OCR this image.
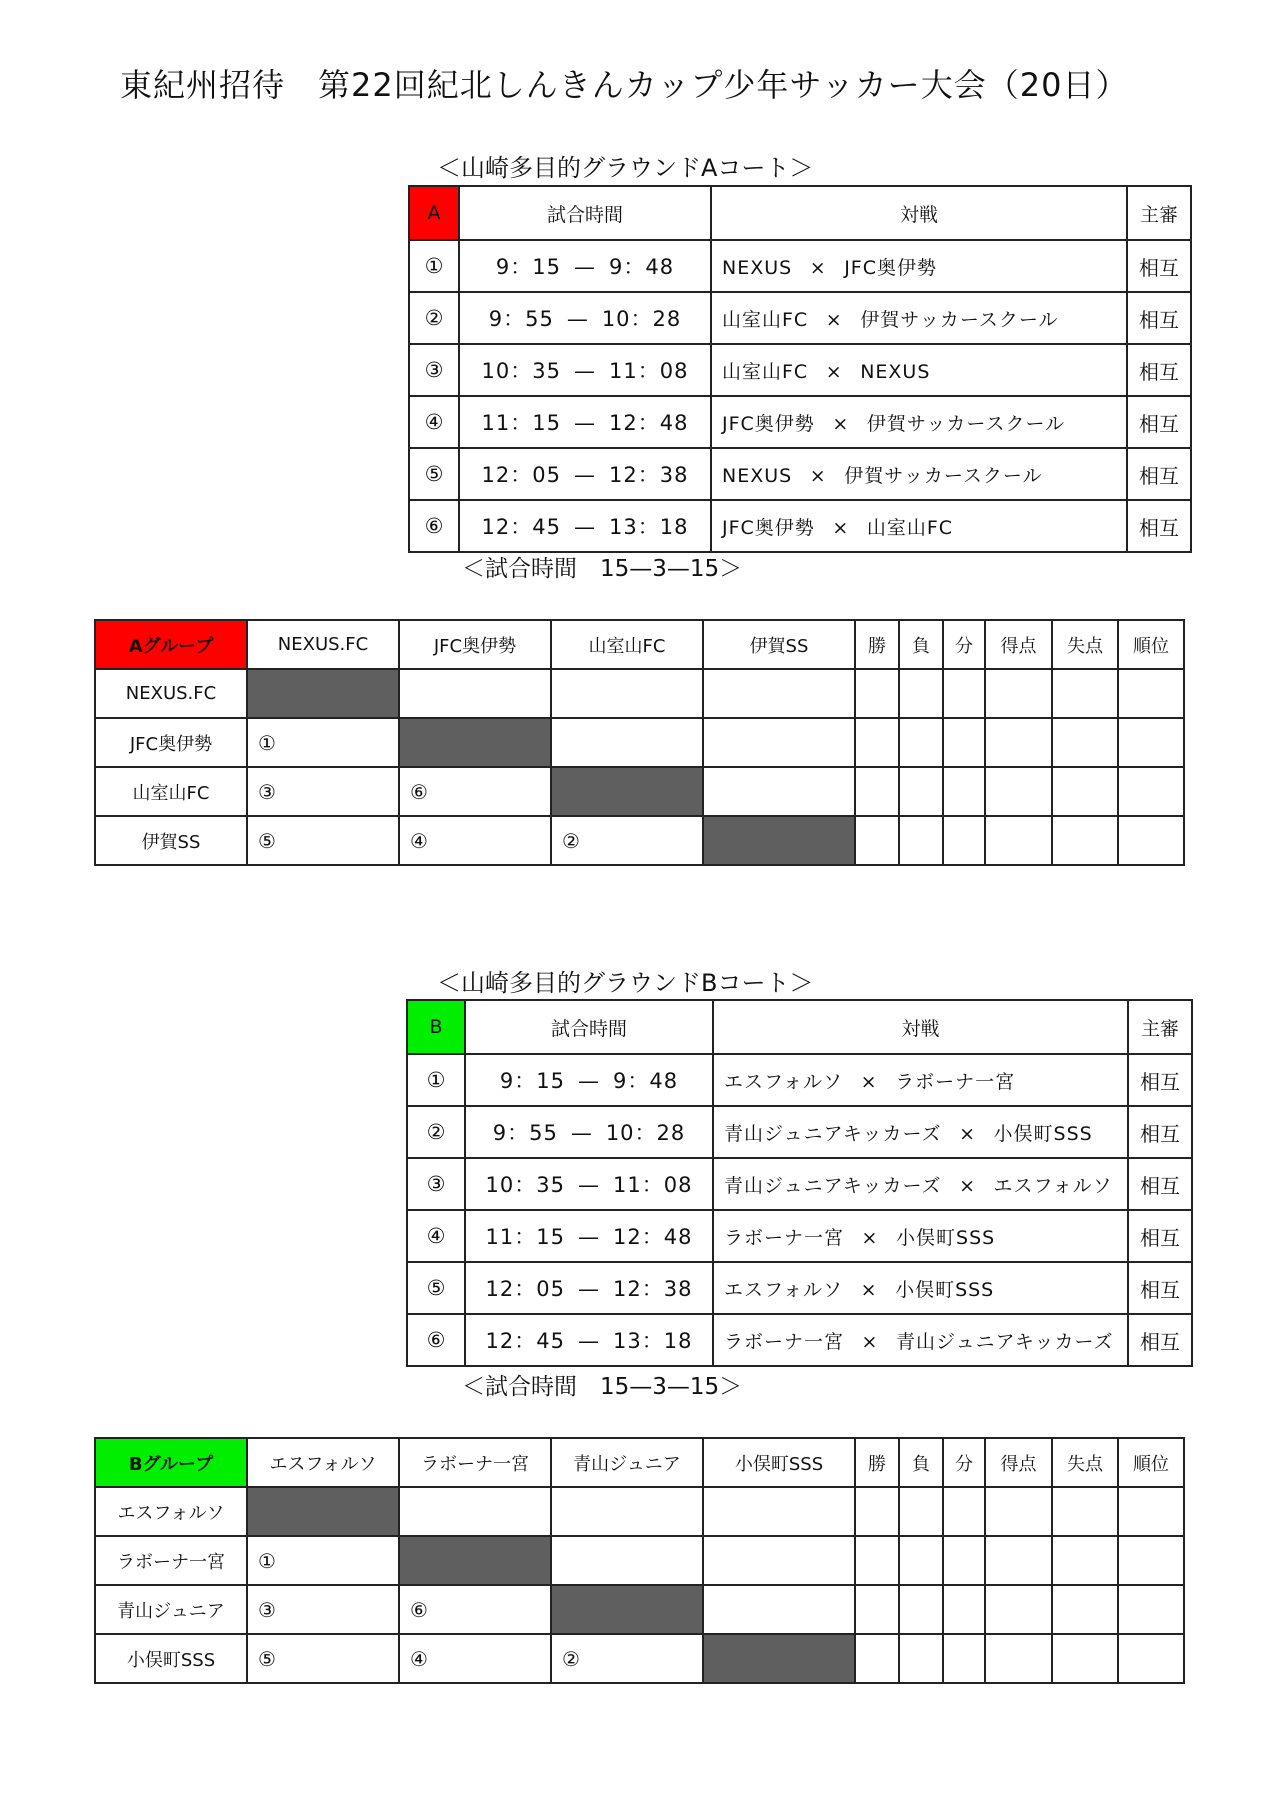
東紀州招待　第22回紀北しんきんカップ少年サッカー大会（20日）
＜山崎多目的グラウンドAコート＞
A	試合時間	対戦	主審
①	9：15 — 9：48	NEXUS × JFC奥伊勢	相互
②	9：55 — 10：28	山室山FC × 伊賀サッカースクール	相互
③	10：35 — 11：08	山室山FC × NEXUS	相互
④	11：15 — 12：48	JFC奥伊勢 × 伊賀サッカースクール	相互
⑤	12：05 — 12：38	NEXUS × 伊賀サッカースクール	相互
⑥	12：45 — 13：18	JFC奥伊勢 × 山室山FC	相互
＜試合時間　15—3—15＞
Aグループ	NEXUS.FC	JFC奥伊勢	山室山FC	伊賀SS	勝	負	分	得点	失点	順位
NEXUS.FC										
JFC奥伊勢	①									
山室山FC	③	⑥								
伊賀SS	⑤	④	②							
＜山崎多目的グラウンドBコート＞
B	試合時間	対戦	主審
①	9：15 — 9：48	エスフォルソ × ラボーナ一宮	相互
②	9：55 — 10：28	青山ジュニアキッカーズ × 小俣町SSS	相互
③	10：35 — 11：08	青山ジュニアキッカーズ × エスフォルソ	相互
④	11：15 — 12：48	ラボーナ一宮 × 小俣町SSS	相互
⑤	12：05 — 12：38	エスフォルソ × 小俣町SSS	相互
⑥	12：45 — 13：18	ラボーナ一宮 × 青山ジュニアキッカーズ	相互
＜試合時間　15—3—15＞
Bグループ	エスフォルソ	ラボーナ一宮	青山ジュニア	小俣町SSS	勝	負	分	得点	失点	順位
エスフォルソ										
ラボーナ一宮	①									
青山ジュニア	③	⑥								
小俣町SSS	⑤	④	②							
